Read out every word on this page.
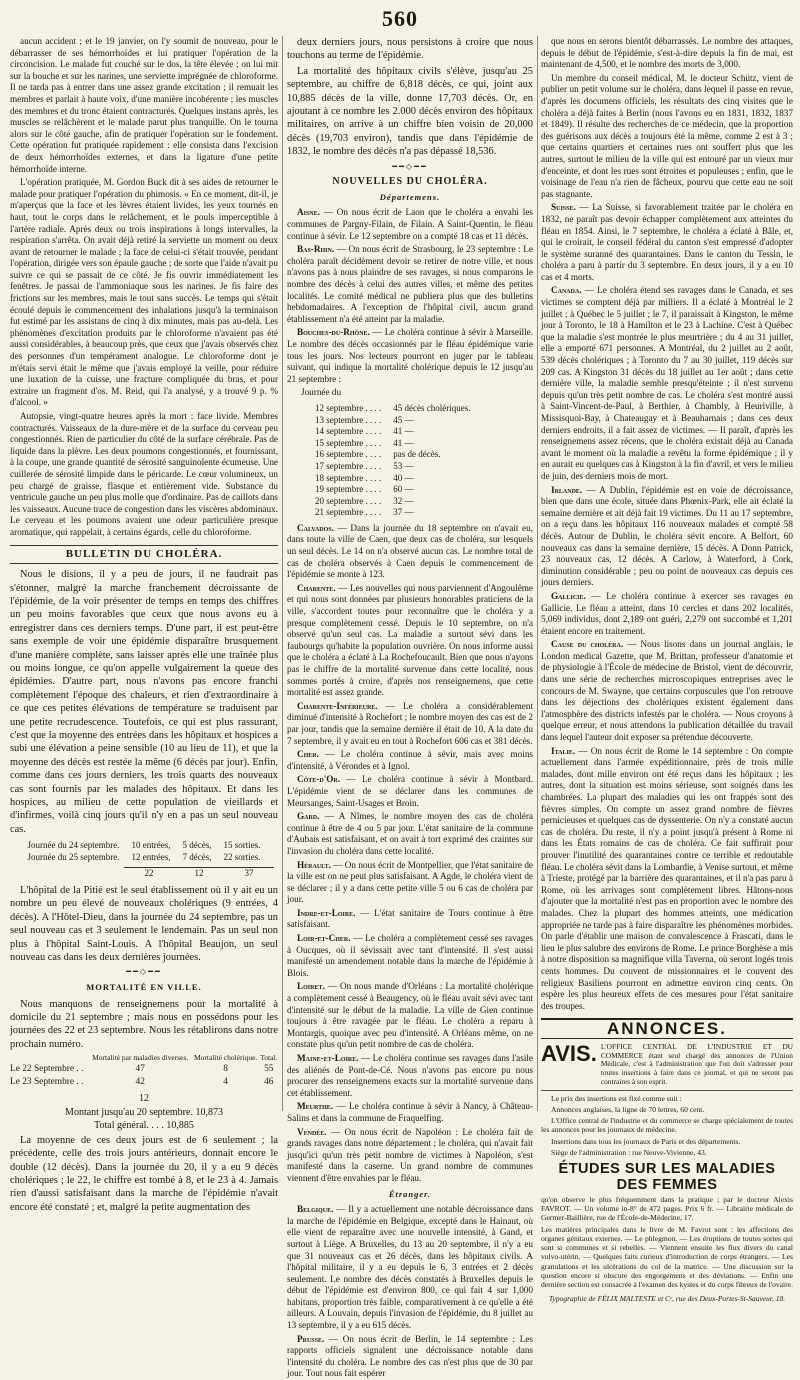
560

aucun accident ; et le 19 janvier, on l'y soumit de nouveau, pour le débarrasser de ses hémorrhoïdes et lui pratiquer l'opération de la circoncision. Le malade fut couché sur le dos, la tête élevée ; on lui mit sur la bouche et sur les narines, une serviette imprégnée de chloroforme. Il ne tarda pas à entrer dans une assez grande excitation ; il remuait les membres et parlait à haute voix, d'une manière incohérente ; les muscles des membres et du tronc étaient contracturés. Quelques instans après, les muscles se relâchèrent et le malade parut plus tranquille. On le tourna alors sur le côté gauche, afin de pratiquer l'opération sur le fondement. Cette opération fut pratiquée rapidement : elle consista dans l'excision de deux hémorrhoïdes externes, et dans la ligature d'une petite hémorrhoïde interne.

L'opération pratiquée, M. Gordon Buck dit à ses aides de retourner le malade pour pratiquer l'opération du phimosis. « En ce moment, dit-il, je m'aperçus que la face et les lèvres étaient livides, les yeux tournés en haut, tout le corps dans le relâchement, et le pouls imperceptible à l'artère radiale. Après deux ou trois inspirations à longs intervalles, la respiration s'arrêta. On avait déjà retiré la serviette un moment ou deux avant de retourner le malade ; la face de celui-ci s'était trouvée, pendant l'opération, dirigée vers son épaule gauche ; de sorte que l'aide n'avait pu suivre ce qui se passait de ce côté. Je fis ouvrir immédiatement les fenêtres. Je passai de l'ammoniaque sous les narines. Je fis faire des frictions sur les membres, mais le tout sans succès. Le temps qui s'était écoulé depuis le commencement des inhalations jusqu'à la terminaison fut estimé par les assistans de cinq à dix minutes, mais pas au-delà. Les phénomènes d'excitation produits par le chloroforme n'avaient pas été aussi considérables, à beaucoup près, que ceux que j'avais observés chez des personnes d'un tempérament analogue. Le chloroforme dont je m'étais servi était le même que j'avais employé la veille, pour réduire une luxation de la cuisse, une fracture compliquée du bras, et pour extraire un fragment d'os. M. Reid, qui l'a analysé, y a trouvé 9 p. % d'alcool. »

Autopsie, vingt-quatre heures après la mort : face livide. Membres contracturés. Vaisseaux de la dure-mère et de la surface du cerveau peu congestionnés. Rien de particulier du côté de la surface cérébrale. Pas de liquide dans la plèvre. Les deux poumons congestionnés, et fournissant, à la coupe, une grande quantité de sérosité sanguinolente écumeuse. Une cuillerée de sérosité limpide dans le péricarde. Le cœur volumineux, un peu chargé de graisse, flasque et entièrement vide. Substance du ventricule gauche un peu plus molle que d'ordinaire. Pas de caillots dans les vaisseaux. Aucune trace de congestion dans les viscères abdominaux. Le cerveau et les poumons avaient une odeur particulière presque aromatique, qui rappelait, à certains égards, celle du chloroforme.

BULLETIN DU CHOLÉRA.

Nous le disions, il y a peu de jours, il ne faudrait pas s'étonner, malgré la marche franchement décroissante de l'épidémie, de la voir présenter de temps en temps des chiffres un peu moins favorables que ceux que nous avons eu à enregistrer dans ces derniers temps. D'une part, il est peut-être sans exemple de voir une épidémie disparaître brusquement d'une manière complète, sans laisser après elle une traînée plus ou moins longue, ce qu'on appelle vulgairement la queue des épidémies. D'autre part, nous n'avons pas encore franchi complètement l'époque des chaleurs, et rien d'extraordinaire à ce que ces petites élévations de température se traduisent par une petite recrudescence. Toutefois, ce qui est plus rassurant, c'est que la moyenne des entrées dans les hôpitaux et hospices a subi une élévation a peine sensible (10 au lieu de 11), et que la moyenne des décès est restée la même (6 décès par jour). Enfin, comme dans ces jours derniers, les trois quarts des nouveaux cas sont fournis par les malades des hôpitaux. Et dans les hospices, au milieu de cette population de vieillards et d'infirmes, voilà cinq jours qu'il n'y en a pas un seul nouveau cas.

Journée du 24 septembre.	10 entrées,	5 décès,	15 sorties.
Journée du 25 septembre.	12 entrées,	7 décès,	22 sorties.
	22	12	37

L'hôpital de la Pitié est le seul établissement où il y ait eu un nombre un peu élevé de nouveaux cholériques (9 entrées, 4 décès). A l'Hôtel-Dieu, dans la journée du 24 septembre, pas un seul nouveau cas et 3 seulement le lendemain. Pas un seul non plus à l'hôpital Saint-Louis. A l'hôpital Beaujon, un seul nouveau cas dans les deux dernières journées.

━━◇━━
MORTALITÉ EN VILLE.

Nous manquons de renseignemens pour la mortalité à domicile du 21 septembre ; mais nous en possédons pour les journées des 22 et 23 septembre. Nous les rétablirons dans notre prochain numéro.

	Mortalité par maladies diverses.	Mortalité cholérique.	Total.
Le 22 Septembre . .	47	8	55
Le 23 Septembre . .	42	4	46
12
Montant jusqu'au 20 septembre. 10,873
Total général. . . . 10,885

La moyenne de ces deux jours est de 6 seulement ; la précédente, celle des trois jours antérieurs, donnait encore le double (12 décès). Dans la journée du 20, il y a eu 9 décès cholériques ; le 22, le chiffre est tombé à 8, et le 23 à 4. Jamais rien d'aussi satisfaisant dans la marche de l'épidémie n'avait encore été constaté ; et, malgré la petite augmentation des

deux derniers jours, nous persistons à croire que nous touchons au terme de l'épidémie.

La mortalité des hôpitaux civils s'élève, jusqu'au 25 septembre, au chiffre de 6,818 décès, ce qui, joint aux 10,885 décès de la ville, donne 17,703 décès. Or, en ajoutant à ce nombre les 2.000 décès environ des hôpitaux militaires, on arrive à un chiffre bien voisin de 20,000 décès (19,703 environ), tandis que dans l'épidémie de 1832, le nombre des décès n'a pas dépassé 18,536.

━━◇━━
NOUVELLES DU CHOLÉRA.
Départemens.

Aisne. — On nous écrit de Laon que le choléra a envahi les communes de Pargny-Filain, de Filain. A Saint-Quentin, le fléau continue à sévir. Le 12 septembre on a compté 18 cas et 11 décès.

Bas-Rhin. — On nous écrit de Strasbourg, le 23 septembre : Le choléra paraît décidément devoir se retirer de notre ville, et nous n'avons pas à nous plaindre de ses ravages, si nous comparons le nombre des décès à celui des autres villes, et même des petites localités. Le comité médical ne publiera plus que des bulletins hebdomadaires. A l'exception de l'hôpital civil, aucun grand établissement n'a été atteint par la maladie.

Bouches-du-Rhône. — Le choléra continue à sévir à Marseille. Le nombre des décès occasionnés par le fléau épidémique varie tous les jours. Nos lecteurs pourront en juger par le tableau suivant, qui indique la mortalité cholérique depuis le 12 jusqu'au 21 septembre :

Journée du
12 septembre . . . .	45 décès cholériques.
13 septembre . . . .	45 —
14 septembre . . . .	41 —
15 septembre . . . .	41 —
16 septembre . . . .	pas de décès.
17 septembre . . . .	53 —
18 septembre . . . .	40 —
19 septembre . . . .	60 —
20 septembre . . . .	32 —
21 septembre . . . .	37 —

Calvados. — Dans la journée du 18 septembre on n'avait eu, dans toute la ville de Caen, que deux cas de choléra, sur lesquels un seul décès. Le 14 on n'a observé aucun cas. Le nombre total de cas de choléra observés à Caen depuis le commencement de l'épidémie se monte à 123.

Charente. — Les nouvelles qui nous parviennent d'Angoulême et qui nous sont données par plusieurs honorables praticiens de la ville, s'accordent toutes pour reconnaître que le choléra y a presque complètement cessé. Depuis le 10 septembre, on n'a observé qu'un seul cas. La maladie a surtout sévi dans les faubourgs qu'habite la population ouvrière. On nous informe aussi que le choléra a éclaté à La Rochefoucault. Bien que nous n'ayons pas le chiffre de la mortalité survenue dans cette localité, nous sommes portés à croire, d'après nos renseignemens, que cette mortalité est assez grande.

Charente-Inférieure. — Le choléra a considérablement diminué d'intensité à Rochefort ; le nombre moyen des cas est de 2 par jour, tandis que la semaine dernière il était de 10. A la date du 7 septembre, il y avait eu en tout à Rochefort 606 cas et 381 décès.

Cher. — Le choléra continue à sévir, mais avec moins d'intensité, à Vérondes et à Ignol.

Côte-d'Or. — Le choléra continue à sévir à Montbard. L'épidémie vient de se déclarer dans les communes de Meursanges, Saint-Usages et Broin.

Gard. — A Nîmes, le nombre moyen des cas de choléra continue à être de 4 ou 5 par jour. L'état sanitaire de la commune d'Aubais est satisfaisant, et on avait à tort exprimé des craintes sur l'invasion du choléra dans cette localité.

Hérault. — On nous écrit de Montpellier, que l'état sanitaire de la ville est on ne peut plus satisfaisant. A Agde, le choléra vient de se déclarer ; il y a dans cette petite ville 5 ou 6 cas de choléra par jour.

Indre-et-Loire. — L'état sanitaire de Tours continue à être satisfaisant.

Loir-et-Cher. — Le choléra a complètement cessé ses ravages à Oucques, où il sévissait avec tant d'intensité. Il s'est aussi manifesté un amendement notable dans la marche de l'épidémie à Blois.

Loiret. — On nous mande d'Orléans : La mortalité cholérique a complètement cessé à Beaugency, où le fléau avait sévi avec tant d'intensité sur le début de la maladie. La ville de Gien continue toujours à être ravagée par le fléau. Le choléra a reparu à Montargis, quoique avec peu d'intensité. A Orléans même, on ne constate plus qu'un petit nombre de cas de choléra.

Maine-et-Loire. — Le choléra continue ses ravages dans l'asile des aliénés de Pont-de-Cé. Nous n'avons pas encore pu nous procurer des renseignemens exacts sur la mortalité survenue dans cet établissement.

Meurthe. — Le choléra continue à sévir à Nancy, à Château-Salins et dans la commune de Fraquelfing.

Vendée. — On nous écrit de Napoléon : Le choléra fait de grands ravages dans notre département ; le choléra, qui n'avait fait jusqu'ici qu'un très petit nombre de victimes à Napoléon, s'est manifesté dans la caserne. Un grand nombre de communes viennent d'être envahies par le fléau.

Étranger.

Belgique. — Il y a actuellement une notable décroissance dans la marche de l'épidémie en Belgique, excepté dans le Hainaut, où elle vient de reparaître avec une nouvelle intensité, à Gand, et surtout à Liège. A Bruxelles, du 13 au 20 septembre, il n'y a eu que 31 nouveaux cas et 26 décès, dans les hôpitaux civils. A l'hôpital militaire, il y a eu depuis le 6, 3 entrées et 2 décès seulement. Le nombre des décès constatés à Bruxelles depuis le début de l'épidémie est d'environ 800, ce qui fait 4 sur 1,000 habitans, proportion très faible, comparativement à ce qu'elle a été ailleurs. A Louvain, depuis l'invasion de l'épidémie, du 8 juillet au 13 septembre, il y a eu 615 décès.

Prusse. — On nous écrit de Berlin, le 14 septembre : Les rapports officiels signalent une décroissance notable dans l'intensité du choléra. Le nombre des cas n'est plus que de 30 par jour. Tout nous fait espérer

que nous en serons bientôt débarrassés. Le nombre des attaques, depuis le début de l'épidémie, s'est-à-dire depuis la fin de mai, est maintenant de 4,500, et le nombre des morts de 3,000.

Un membre du conseil médical, M. le docteur Schütz, vient de publier un petit volume sur le choléra, dans lequel il passe en revue, d'après les documens officiels, les résultats des cinq visites que le choléra a déjà faites à Berlin (nous l'avons eu en 1831, 1832, 1837 et 1849). Il résulte des recherches de ce médecin, que la proportion des guérisons aux décès a toujours été la même, comme 2 est à 3 ; que certains quartiers et certaines rues ont souffert plus que les autres, surtout le milieu de la ville qui est entouré par un vieux mur d'enceinte, et dont les rues sont étroites et populeuses ; enfin, que le voisinage de l'eau n'a rien de fâcheux, pourvu que cette eau ne soit pas stagnante.

Suisse. — La Suisse, si favorablement traitée par le choléra en 1832, ne paraît pas devoir échapper complètement aux atteintes du fléau en 1854. Ainsi, le 7 septembre, le choléra a éclaté à Bâle, et, qui le croirait, le conseil fédéral du canton s'est empressé d'adopter le système suranné des quarantaines. Dans le canton du Tessin, le choléra a paru à partir du 3 septembre. En deux jours, il y a eu 10 cas et 4 morts.

Canada. — Le choléra étend ses ravages dans le Canada, et ses victimes se comptent déjà par milliers. Il a éclaté à Montréal le 2 juillet ; à Québec le 5 juillet ; le 7, il paraissait à Kingston, le même jour à Toronto, le 18 à Hamilton et le 23 à Lachine. C'est à Québec que la maladie s'est montrée le plus meurtrière ; du 4 au 31 juillet, elle a emporté 671 personnes. A Montréal, du 2 juillet au 2 août, 539 décès cholériques ; à Toronto du 7 au 30 juillet, 119 décès sur 209 cas. A Kingston 31 décès du 18 juillet au 1er août ; dans cette dernière ville, la maladie semble presqu'éteinte ; il n'est survenu depuis qu'un très petit nombre de cas. Le choléra s'est montré aussi à Saint-Vincent-de-Paul, à Berthier, à Chambly, à Heuriville, à Missisquoi-Bay, à Chateaugay et à Beauharnais ; dans ces deux derniers endroits, il a fait assez de victimes. — Il paraît, d'après les renseignemens assez récens, que le choléra existait déjà au Canada avant le moment où la maladie a revêtu la forme épidémique ; il y en aurait eu quelques cas à Kingston à la fin d'avril, et vers le milieu de juin, des derniers mois de mort.

Irlande. — A Dublin, l'épidémie est en voie de décroissance, bien que dans une école, située dans Phœnix-Park, elle ait éclaté la semaine dernière et ait déjà fait 19 victimes. Du 11 au 17 septembre, on a reçu dans les hôpitaux 116 nouveaux malades et compté 58 décès. Autour de Dublin, le choléra sévit encore. A Belfort, 60 nouveaux cas dans la semaine dernière, 15 décès. A Donn Patrick, 23 nouveaux cas, 12 décès. A Carlow, à Waterford, à Cork, diminution considérable ; peu ou point de nouveaux cas depuis ces jours derniers.

Gallicie. — Le choléra continue à exercer ses ravages en Gallicie. Le fléau a atteint, dans 10 cercles et dans 202 localités, 5,069 individus, dont 2,189 ont guéri, 2,279 ont succombé et 1,201 étaient encore en traitement.

Cause du choléra. — Nous lisons dans un journal anglais, le London medical Gazette, que M. Brittan, professeur d'anatomie et de physiologie à l'École de médecine de Bristol, vient de découvrir, dans une série de recherches microscopiques entreprises avec le concours de M. Swayne, que certains corpuscules que l'on retrouve dans les déjections des cholériques existent également dans l'atmosphère des districts infestés par le choléra. — Nous croyons à quelque erreur, et nous attendons la publication détaillée du travail dans lequel l'auteur doit exposer sa prétendue découverte.

Italie. — On nous écrit de Rome le 14 septembre : On compte actuellement dans l'armée expéditionnaire, près de trois mille malades, dont mille environ ont été reçus dans les hôpitaux ; les autres, dont la situation est moins sérieuse, sont soignés dans les chambrées. La plupart des maladies qui les ont frappés sont des fièvres simples. On compte un assez grand nombre de fièvres pernicieuses et quelques cas de dyssenterie. On n'y a constaté aucun cas de choléra. Du reste, il n'y a point jusqu'à présent à Rome ni dans les États romains de cas de choléra. Ce fait suffirait pour prouver l'inutilité des quarantaines contre ce terrible et redoutable fléau. Le choléra sévit dans la Lombardie, à Venise surtout, et même à Trieste, protégé par la barrière des quarantaines, et il n'a pas paru à Rome, où les arrivages sont complètement libres. Hâtons-nous d'ajouter que la mortalité n'est pas en proportion avec le nombre des malades. Chez la plupart des hommes atteints, une médication appropriée ne tarde pas à faire disparaître les phénomènes morbides. On parle d'établir une maison de convalescence à Frascati, dans le lieu le plus salubre des environs de Rome. Le prince Borghèse a mis à notre disposition sa magnifique villa Taverna, où seront logés trois cents hommes. Du couvent de missionnaires et le couvent des religieux Basiliens pourront en admettre environ cinq cents. On espère les plus heureux effets de ces mesures pour l'état sanitaire des troupes.

ANNONCES.
AVIS. L'OFFICE CENTRAL DE L'INDUSTRIE ET DU COMMERCE étant seul chargé des annonces de l'Union Médicale, c'est à l'administration que l'on doit s'adresser pour toutes insertions à faire dans ce journal, et qui ne seront pas contraires à son esprit.

Le prix des insertions est fixé comme suit :

Annonces anglaises, la ligne de 70 lettres, 60 cent.

L'Office central de l'industrie et du commerce se charge spécialement de toutes les annonces pour les journaux de médecine.

Insertions dans tous les journaux de Paris et des départements.

Siège de l'administration : rue Neuve-Vivienne, 43.

ÉTUDES SUR LES MALADIES DES FEMMES
qu'on observe le plus fréquemment dans la pratique ; par le docteur Alexis FAVROT. — Un volume in-8° de 472 pages. Prix 6 fr. — Librairie médicale de Germer-Baillière, rue de l'École-de-Médecine, 17.
Les matières principales dans le livre de M. Favrot sont : les affections des organes génitaux externes. — Le phlegmon. — Les éruptions de toutes sortes qui sont si communes et si rebelles. — Viennent ensuite les flux divers du canal vulvo-utérin. — Quelques faits curieux d'introduction de corps étrangers. — Les granulations et les ulcérations du col de la matrice. — Une discussion sur la question encore si obscure des engorgemens et des déviations. — Enfin une dernière section est consacrée à l'examen des kystes et du corps fibreux de l'ovaire.
Typographie de FÉLIX MALTESTE et Cᵉ, rue des Deux-Portes-St-Sauveur, 18.
